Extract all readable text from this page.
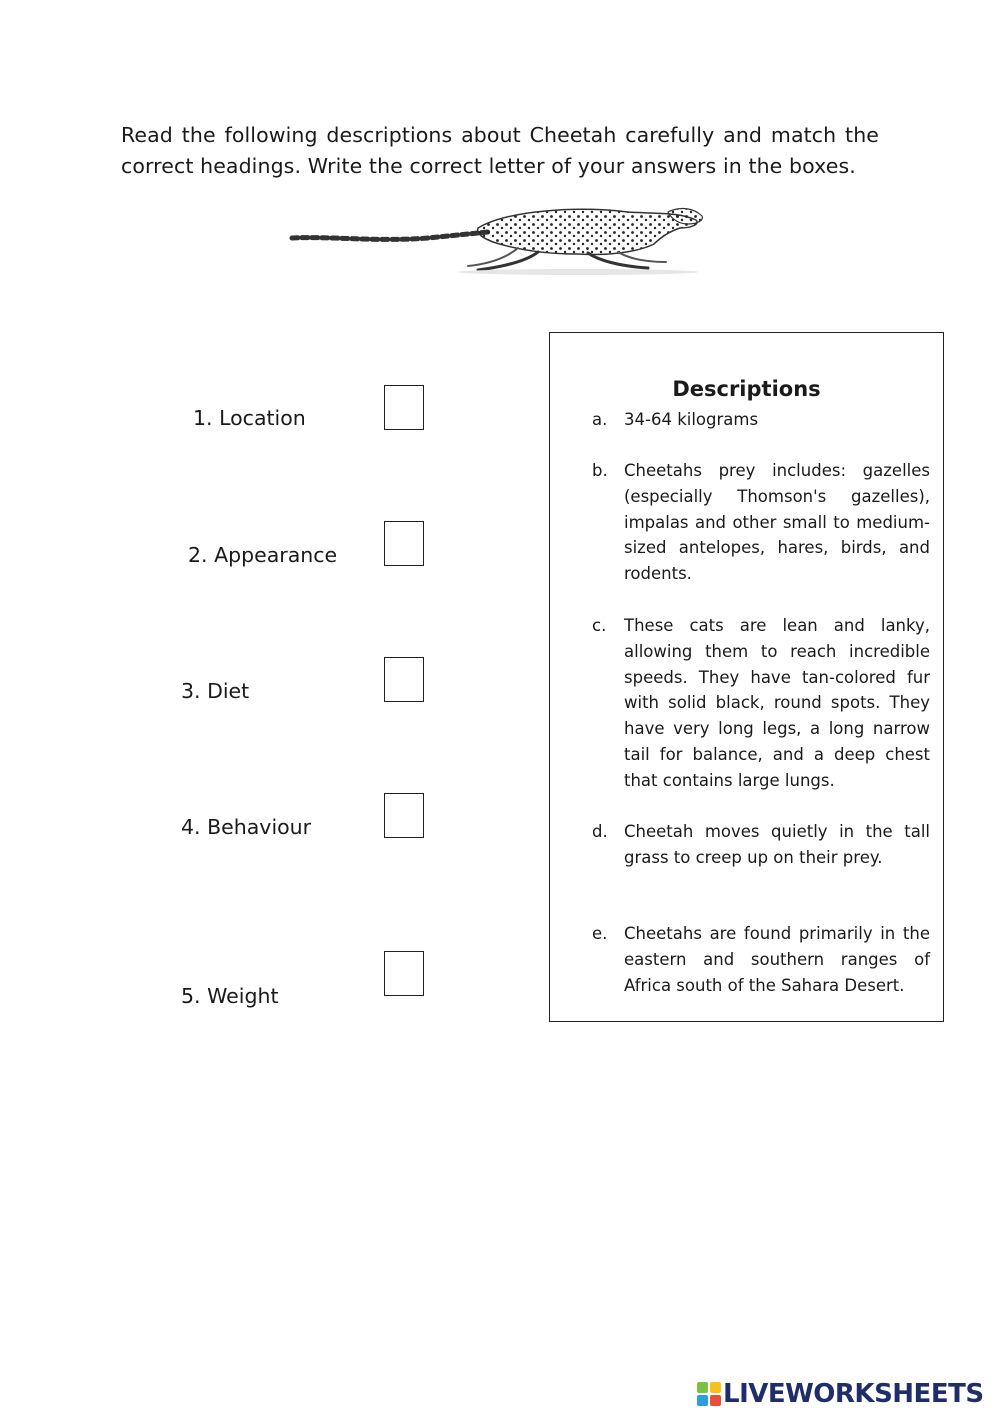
Read the following descriptions about Cheetah carefully and match the correct headings. Write the correct letter of your answers in the boxes.

1. Location
2. Appearance
3. Diet
4. Behaviour
5. Weight
Descriptions
a.	34-64 kilograms
b. Cheetahs prey includes: gazelles (especially Thomson's gazelles), impalas and other small to medium-sized antelopes, hares, birds, and rodents.
c.	These cats are lean and lanky, allowing them to reach incredible speeds. They have tan-colored fur with solid black, round spots. They have very long legs, a long narrow tail for balance, and a deep chest that contains large lungs.
d. Cheetah moves quietly in the tall grass to creep up on their prey.
e.	Cheetahs are found primarily in the eastern and southern ranges of Africa south of the Sahara Desert.
LIVEWORKSHEETS
